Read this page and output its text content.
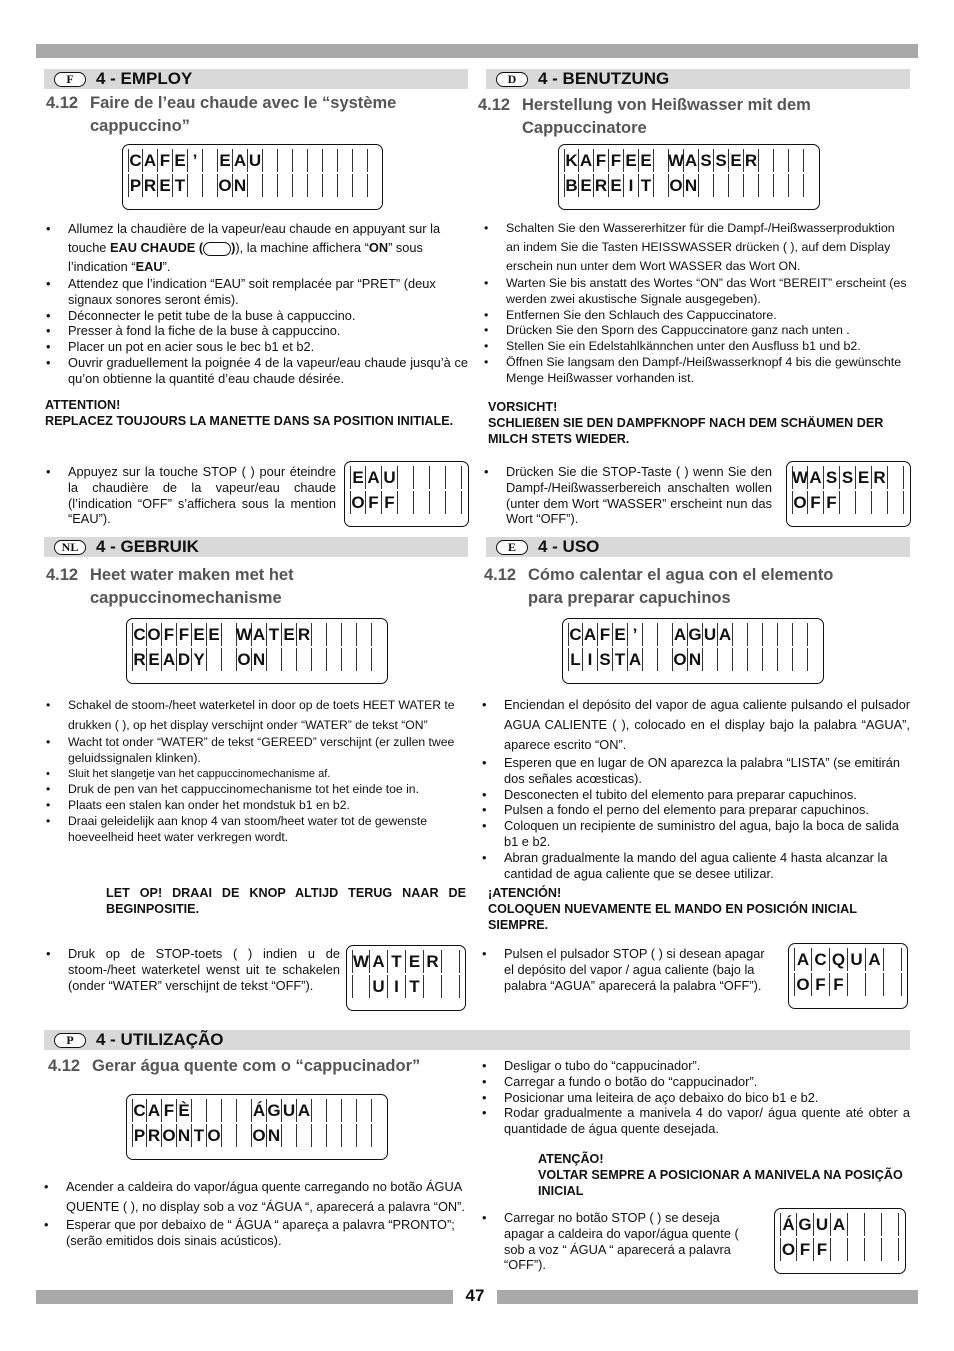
F	4 - EMPLOY
4.12 Faire de l’eau chaude avec le “système
cappuccino”
C A F E ’	E A U
P R E T O N
• Allumez la chaudière de la vapeur/eau chaude en appuyant sur la touche EAU CHAUDE ( )), la machine affichera “ON” sous l’indication “EAU”.
• Attendez que l’indication “EAU” soit remplacée par “PRET” (deux signaux sonores seront émis).
• Déconnecter le petit tube de la buse à cappuccino.
• Presser à fond la fiche de la buse à cappuccino.
• Placer un pot en acier sous le bec b1 et b2.
• Ouvrir graduellement la poignée 4 de la vapeur/eau chaude jusqu’à ce qu’on obtienne la quantité d’eau chaude désirée.
ATTENTION!
REPLACEZ TOUJOURS LA MANETTE DANS SA POSITION INITIALE.
• Appuyez sur la touche STOP ( ) pour éteindre la chaudière de la vapeur/eau chaude (l’indication “OFF” s’affichera sous la mention “EAU”).
E A U
O F F
D	4 - BENUTZUNG
4.12 Herstellung von Heißwasser mit dem
Cappuccinatore
K A F F E E W A S S E R
B E R E I T O N
• Schalten Sie den Wassererhitzer für die Dampf-/Heißwasserproduktion an indem Sie die Tasten HEISSWASSER drücken ( ), auf dem Display erschein nun unter dem Wort WASSER das Wort ON.
• Warten Sie bis anstatt des Wortes “ON” das Wort “BEREIT” erscheint (es werden zwei akustische Signale ausgegeben).
• Entfernen Sie den Schlauch des Cappuccinatore.
• Drücken Sie den Sporn des Cappuccinatore ganz nach unten .
• Stellen Sie ein Edelstahlkännchen unter den Ausfluss b1 und b2.
• Öffnen Sie langsam den Dampf-/Heißwasserknopf 4 bis die gewünschte Menge Heißwasser vorhanden ist.
VORSICHT!
SCHLIEßEN SIE DEN DAMPFKNOPF NACH DEM SCHÄUMEN DER MILCH STETS WIEDER.
• Drücken Sie die STOP-Taste ( ) wenn Sie den Dampf-/Heißwasserbereich anschalten wollen (unter dem Wort “WASSER” erscheint nun das Wort “OFF”).
W A S S E R
O F F
NL	4 - GEBRUIK
4.12 Heet water maken met het
cappuccinomechanisme
C O F F E E W A T E R
R E A D Y O N
• Schakel de stoom-/heet waterketel in door op de toets HEET WATER te drukken ( ), op het display verschijnt onder “WATER” de tekst “ON”
• Wacht tot onder “WATER” de tekst “GEREED” verschijnt (er zullen twee geluidssignalen klinken).
• Sluit het slangetje van het cappuccinomechanisme af.
• Druk de pen van het cappuccinomechanisme tot het einde toe in.
• Plaats een stalen kan onder het mondstuk b1 en b2.
• Draai geleidelijk aan knop 4 van stoom/heet water tot de gewenste hoeveelheid heet water verkregen wordt.
LET OP! DRAAI DE KNOP ALTIJD TERUG NAAR DE BEGINPOSITIE.
• Druk op de STOP-toets ( ) indien u de stoom-/heet waterketel wenst uit te schakelen (onder “WATER” verschijnt de tekst “OFF”).
W A T E R
U I T
E	4 - USO
4.12 Cómo calentar el agua con el elemento
para preparar capuchinos
C A F E ’	A G U A
L I S T A O N
• Enciendan el depósito del vapor de agua caliente pulsando el pulsador AGUA CALIENTE ( ), colocado en el display bajo la palabra “AGUA”, aparece escrito “ON”.
• Esperen que en lugar de ON aparezca la palabra “LISTA” (se emitirán dos señales acœsticas).
• Desconecten el tubito del elemento para preparar capuchinos.
• Pulsen a fondo el perno del elemento para preparar capuchinos.
• Coloquen un recipiente de suministro del agua, bajo la boca de salida b1 e b2.
• Abran gradualmente la mando del agua caliente 4 hasta alcanzar la cantidad de agua caliente que se desee utilizar.
¡ATENCIÓN!
COLOQUEN NUEVAMENTE EL MANDO EN POSICIÓN INICIAL SIEMPRE.
• Pulsen el pulsador STOP ( ) si desean apagar el depósito del vapor / agua caliente (bajo la palabra “AGUA” aparecerá la palabra “OFF”).
A C Q U A
O F F
P	4 - UTILIZAÇÃO
4.12 Gerar água quente com o “cappucinador”
C A F È	Á G U A
P R O N T O O N
• Acender a caldeira do vapor/água quente carregando no botão ÁGUA QUENTE ( ), no display sob a voz “ÁGUA “, aparecerá a palavra “ON”.
• Esperar que por debaixo de “ ÁGUA “ apareça a palavra “PRONTO”; (serão emitidos dois sinais acústicos).
• Desligar o tubo do “cappucinador”.
• Carregar a fundo o botão do “cappucinador”.
• Posicionar uma leiteira de aço debaixo do bico b1 e b2.
• Rodar gradualmente a manivela 4 do vapor/ água quente até obter a quantidade de água quente desejada.
ATENÇÃO!
VOLTAR SEMPRE A POSICIONAR A MANIVELA NA POSIÇÃO INICIAL
• Carregar no botão STOP ( ) se deseja apagar a caldeira do vapor/água quente ( sob a voz “ ÁGUA “ aparecerá a palavra “OFF”).
Á G U A
O F F
47
